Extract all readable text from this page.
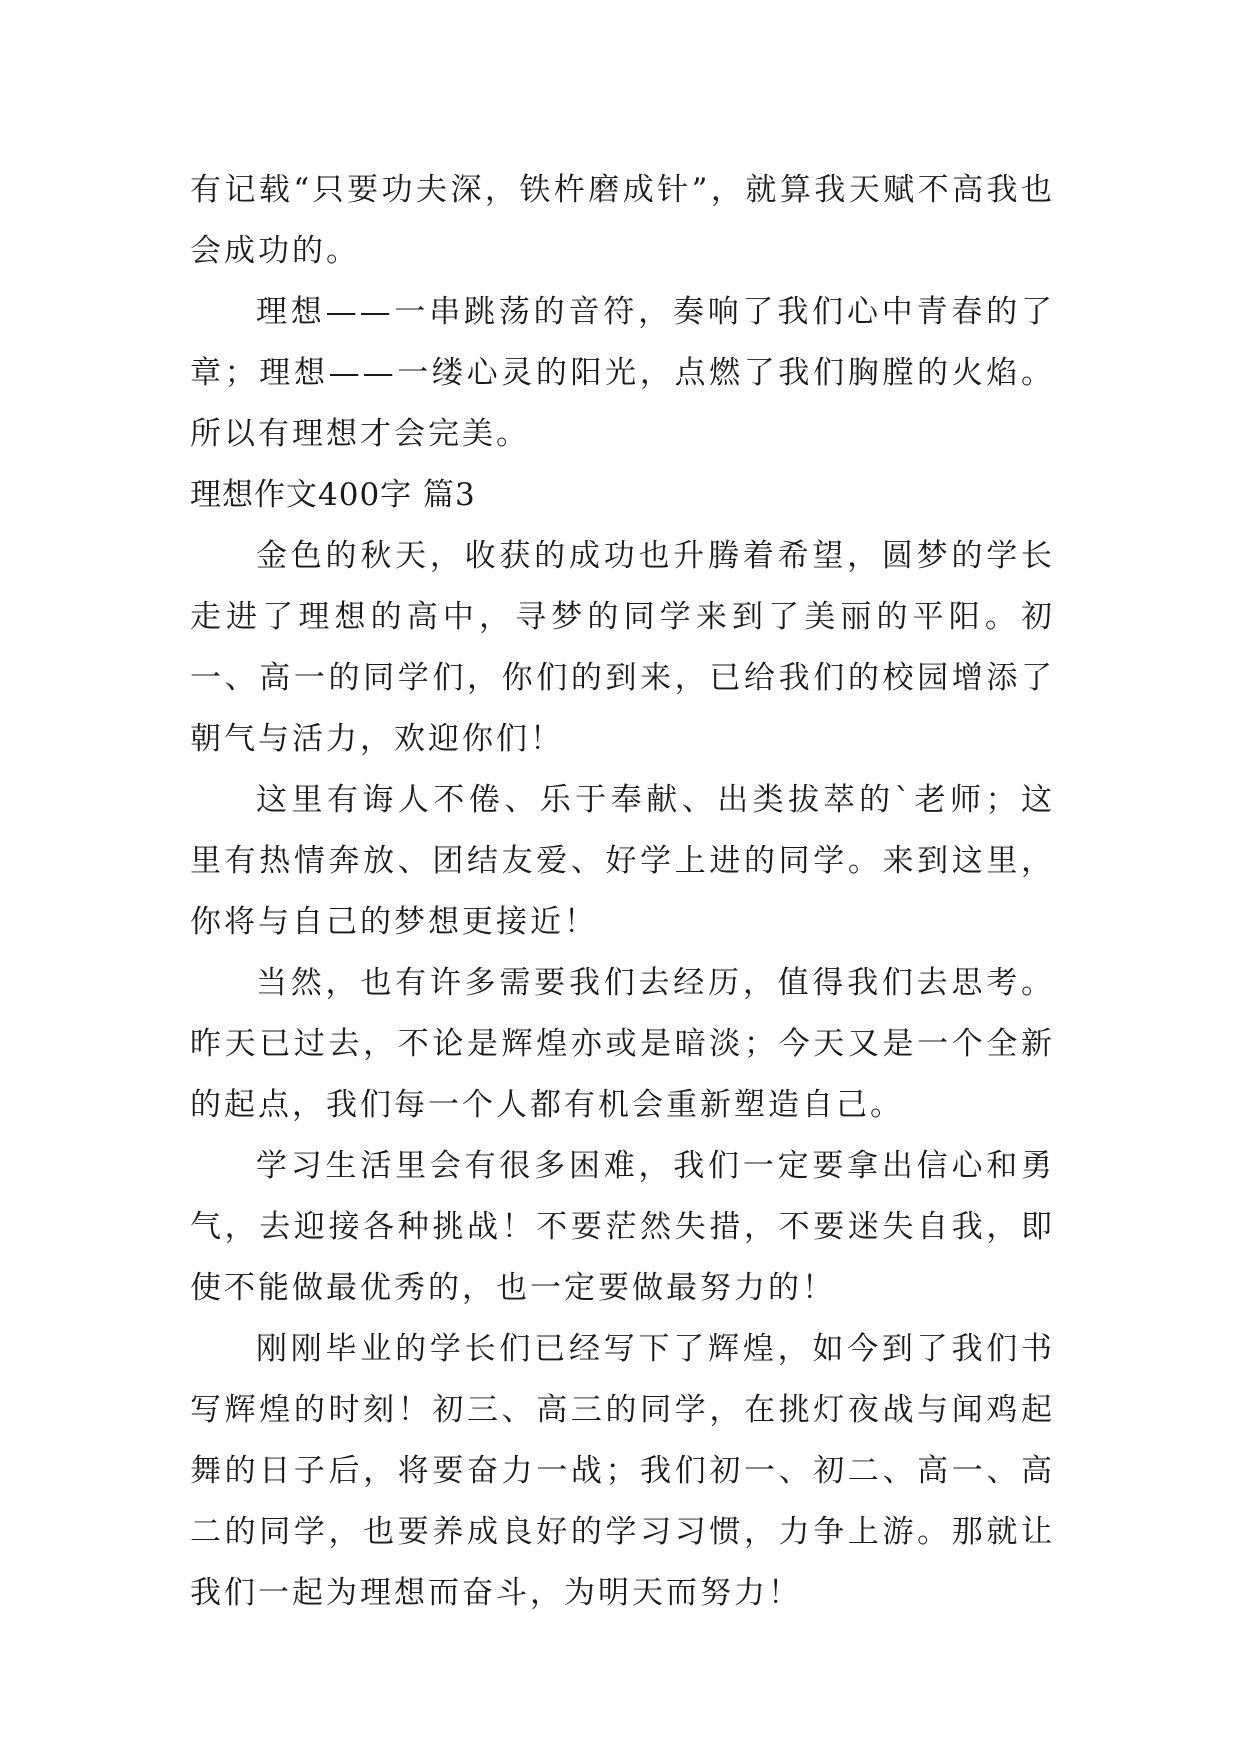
有记载“只要功夫深，铁杵磨成针”，就算我天赋不高我也会成功的。

理想——一串跳荡的音符，奏响了我们心中青春的了章；理想——一缕心灵的阳光，点燃了我们胸膛的火焰。所以有理想才会完美。

理想作文400字 篇3

金色的秋天，收获的成功也升腾着希望，圆梦的学长走进了理想的高中，寻梦的同学来到了美丽的平阳。初一、高一的同学们，你们的到来，已给我们的校园增添了朝气与活力，欢迎你们！

这里有诲人不倦、乐于奉献、出类拔萃的`老师；这里有热情奔放、团结友爱、好学上进的同学。来到这里，你将与自己的梦想更接近！

当然，也有许多需要我们去经历，值得我们去思考。昨天已过去，不论是辉煌亦或是暗淡；今天又是一个全新的起点，我们每一个人都有机会重新塑造自己。

学习生活里会有很多困难，我们一定要拿出信心和勇气，去迎接各种挑战！不要茫然失措，不要迷失自我，即使不能做最优秀的，也一定要做最努力的！

刚刚毕业的学长们已经写下了辉煌，如今到了我们书写辉煌的时刻！初三、高三的同学，在挑灯夜战与闻鸡起舞的日子后，将要奋力一战；我们初一、初二、高一、高二的同学，也要养成良好的学习习惯，力争上游。那就让我们一起为理想而奋斗，为明天而努力！
